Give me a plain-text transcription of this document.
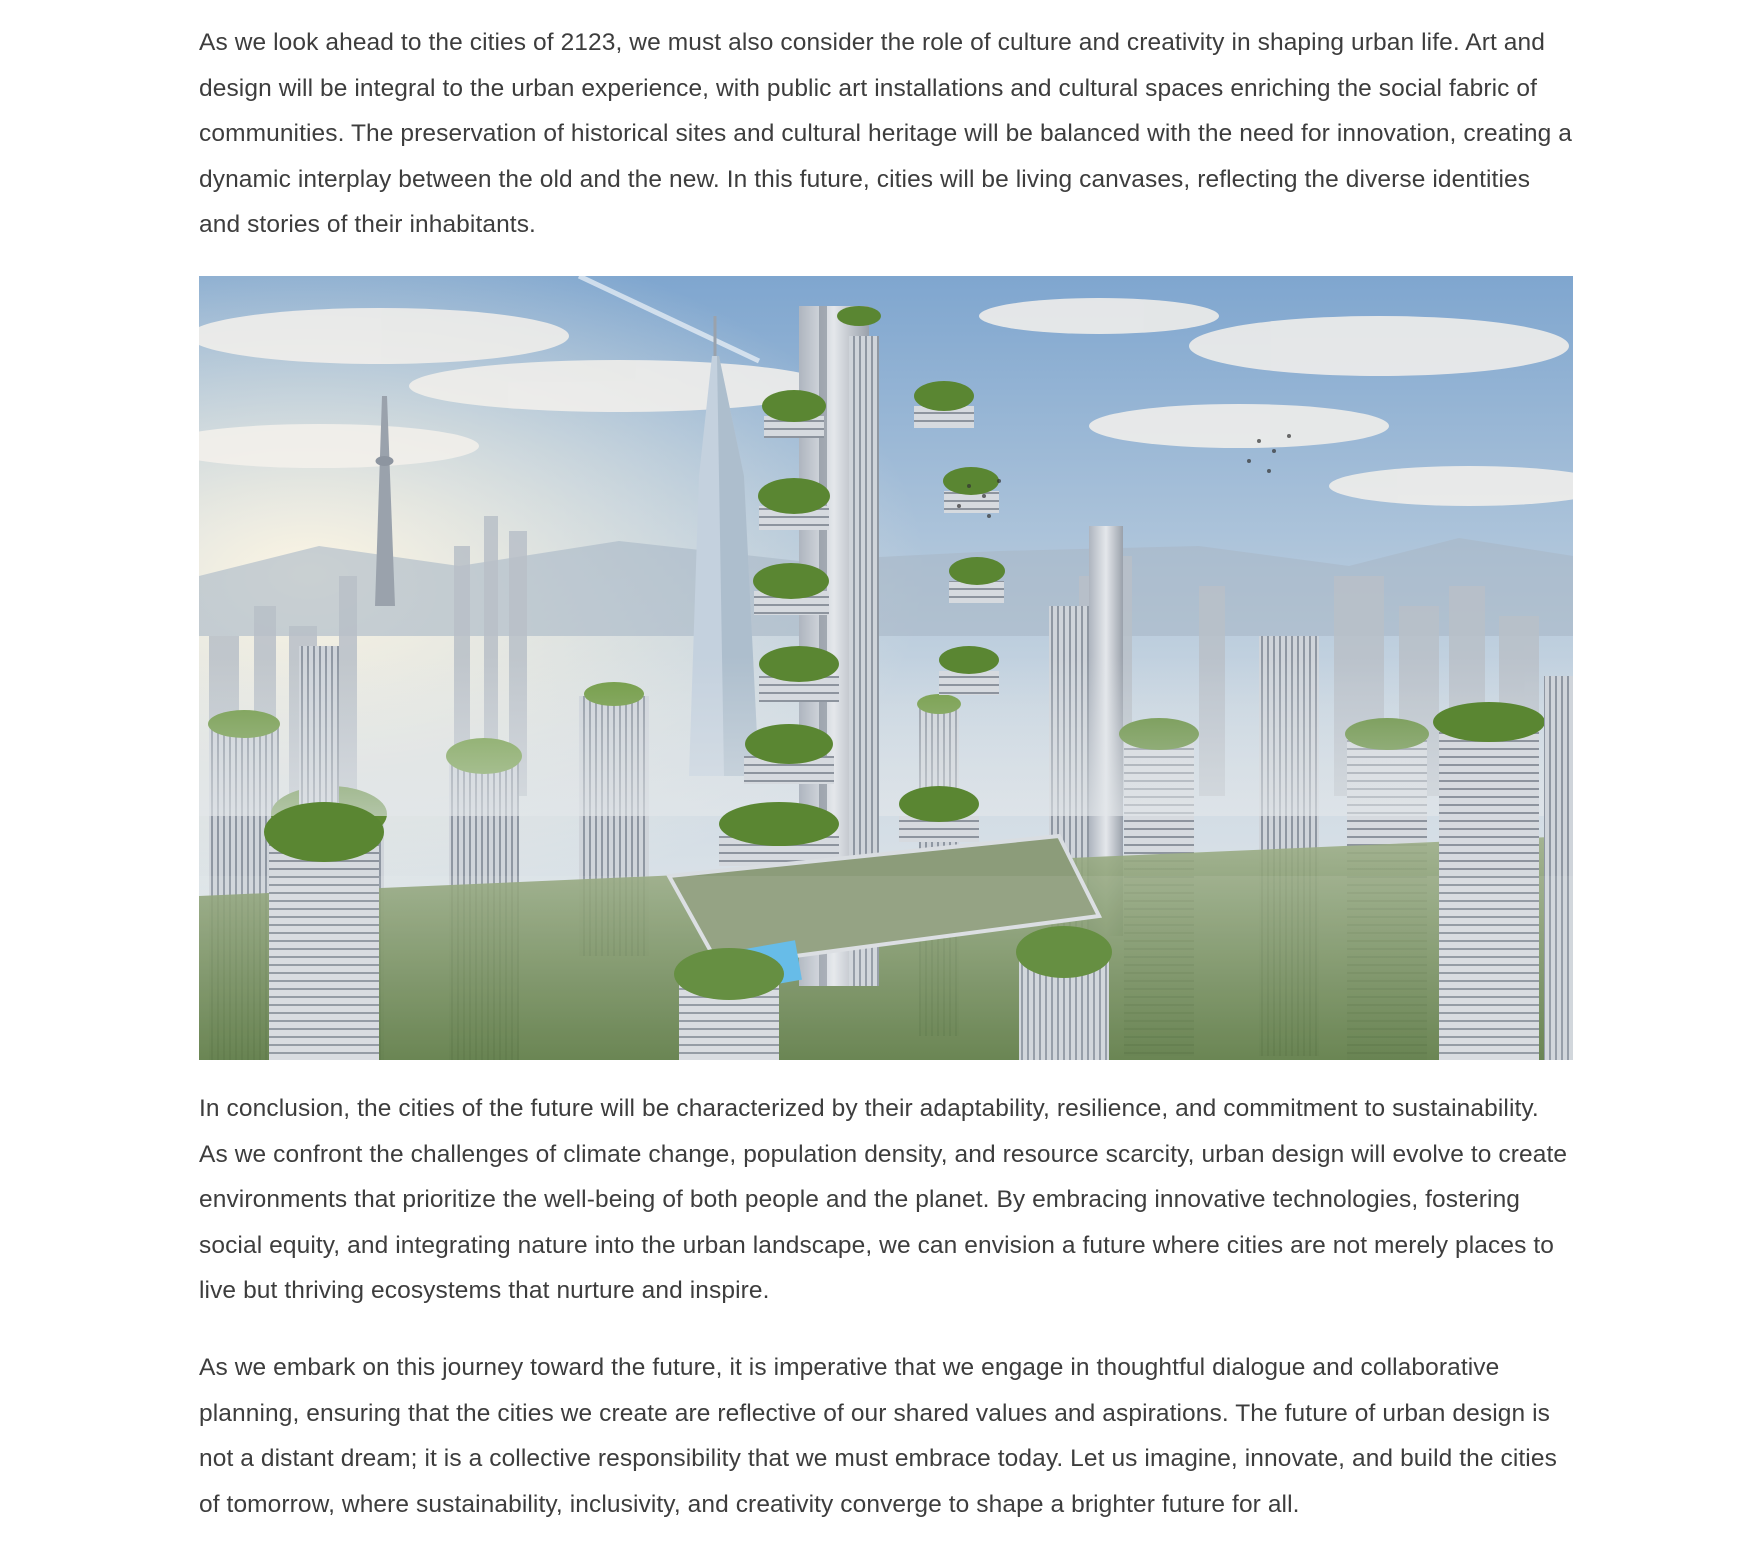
As we look ahead to the cities of 2123, we must also consider the role of culture and creativity in shaping urban life. Art and design will be integral to the urban experience, with public art installations and cultural spaces enriching the social fabric of communities. The preservation of historical sites and cultural heritage will be balanced with the need for innovation, creating a dynamic interplay between the old and the new. In this future, cities will be living canvases, reflecting the diverse identities and stories of their inhabitants.

In conclusion, the cities of the future will be characterized by their adaptability, resilience, and commitment to sustainability. As we confront the challenges of climate change, population density, and resource scarcity, urban design will evolve to create environments that prioritize the well-being of both people and the planet. By embracing innovative technologies, fostering social equity, and integrating nature into the urban landscape, we can envision a future where cities are not merely places to live but thriving ecosystems that nurture and inspire.

As we embark on this journey toward the future, it is imperative that we engage in thoughtful dialogue and collaborative planning, ensuring that the cities we create are reflective of our shared values and aspirations. The future of urban design is not a distant dream; it is a collective responsibility that we must embrace today. Let us imagine, innovate, and build the cities of tomorrow, where sustainability, inclusivity, and creativity converge to shape a brighter future for all.
